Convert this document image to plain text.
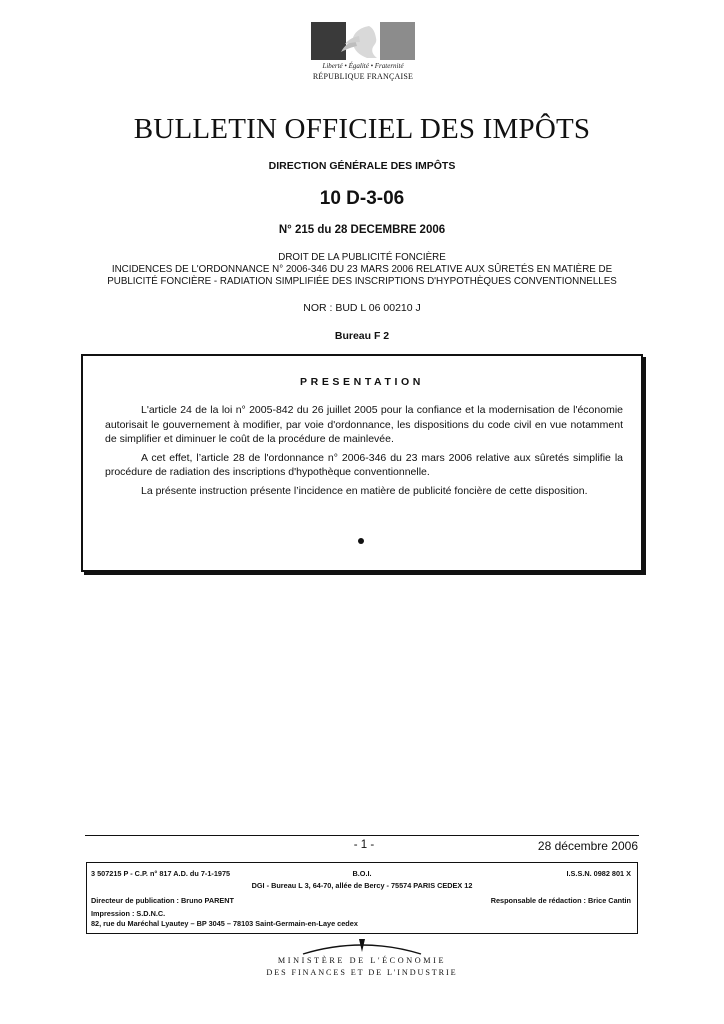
Liberté • Égalité • Fraternité
RÉPUBLIQUE FRANÇAISE
BULLETIN OFFICIEL DES IMPÔTS
DIRECTION GÉNÉRALE DES IMPÔTS
10 D-3-06
N° 215 du 28 DECEMBRE 2006
DROIT DE LA PUBLICITÉ FONCIÈRE
INCIDENCES DE L'ORDONNANCE N° 2006-346 DU 23 MARS 2006 RELATIVE AUX SÛRETÉS EN MATIÈRE DE
PUBLICITÉ FONCIÈRE - RADIATION SIMPLIFIÉE DES INSCRIPTIONS D'HYPOTHÈQUES CONVENTIONNELLES
NOR : BUD L 06 00210 J
Bureau F 2
PRESENTATION

L'article 24 de la loi n° 2005-842 du 26 juillet 2005 pour la confiance et la modernisation de l'économie autorisait le gouvernement à modifier, par voie d'ordonnance, les dispositions du code civil en vue notamment de simplifier et diminuer le coût de la procédure de mainlevée.

A cet effet, l’article 28 de l'ordonnance n° 2006-346 du 23 mars 2006 relative aux sûretés simplifie la procédure de radiation des inscriptions d'hypothèque conventionnelle.

La présente instruction présente l’incidence en matière de publicité foncière de cette disposition.

- 1 -	28 décembre 2006
3 507215 P - C.P. n° 817 A.D. du 7-1-1975	B.O.I.	I.S.S.N. 0982 801 X
DGI - Bureau L 3, 64-70, allée de Bercy - 75574 PARIS CEDEX 12
Directeur de publication : Bruno PARENT	Responsable de rédaction : Brice Cantin
Impression : S.D.N.C.
82, rue du Maréchal Lyautey – BP 3045 – 78103 Saint-Germain-en-Laye cedex
MINISTÈRE DE L'ÉCONOMIE
DES FINANCES ET DE L'INDUSTRIE
